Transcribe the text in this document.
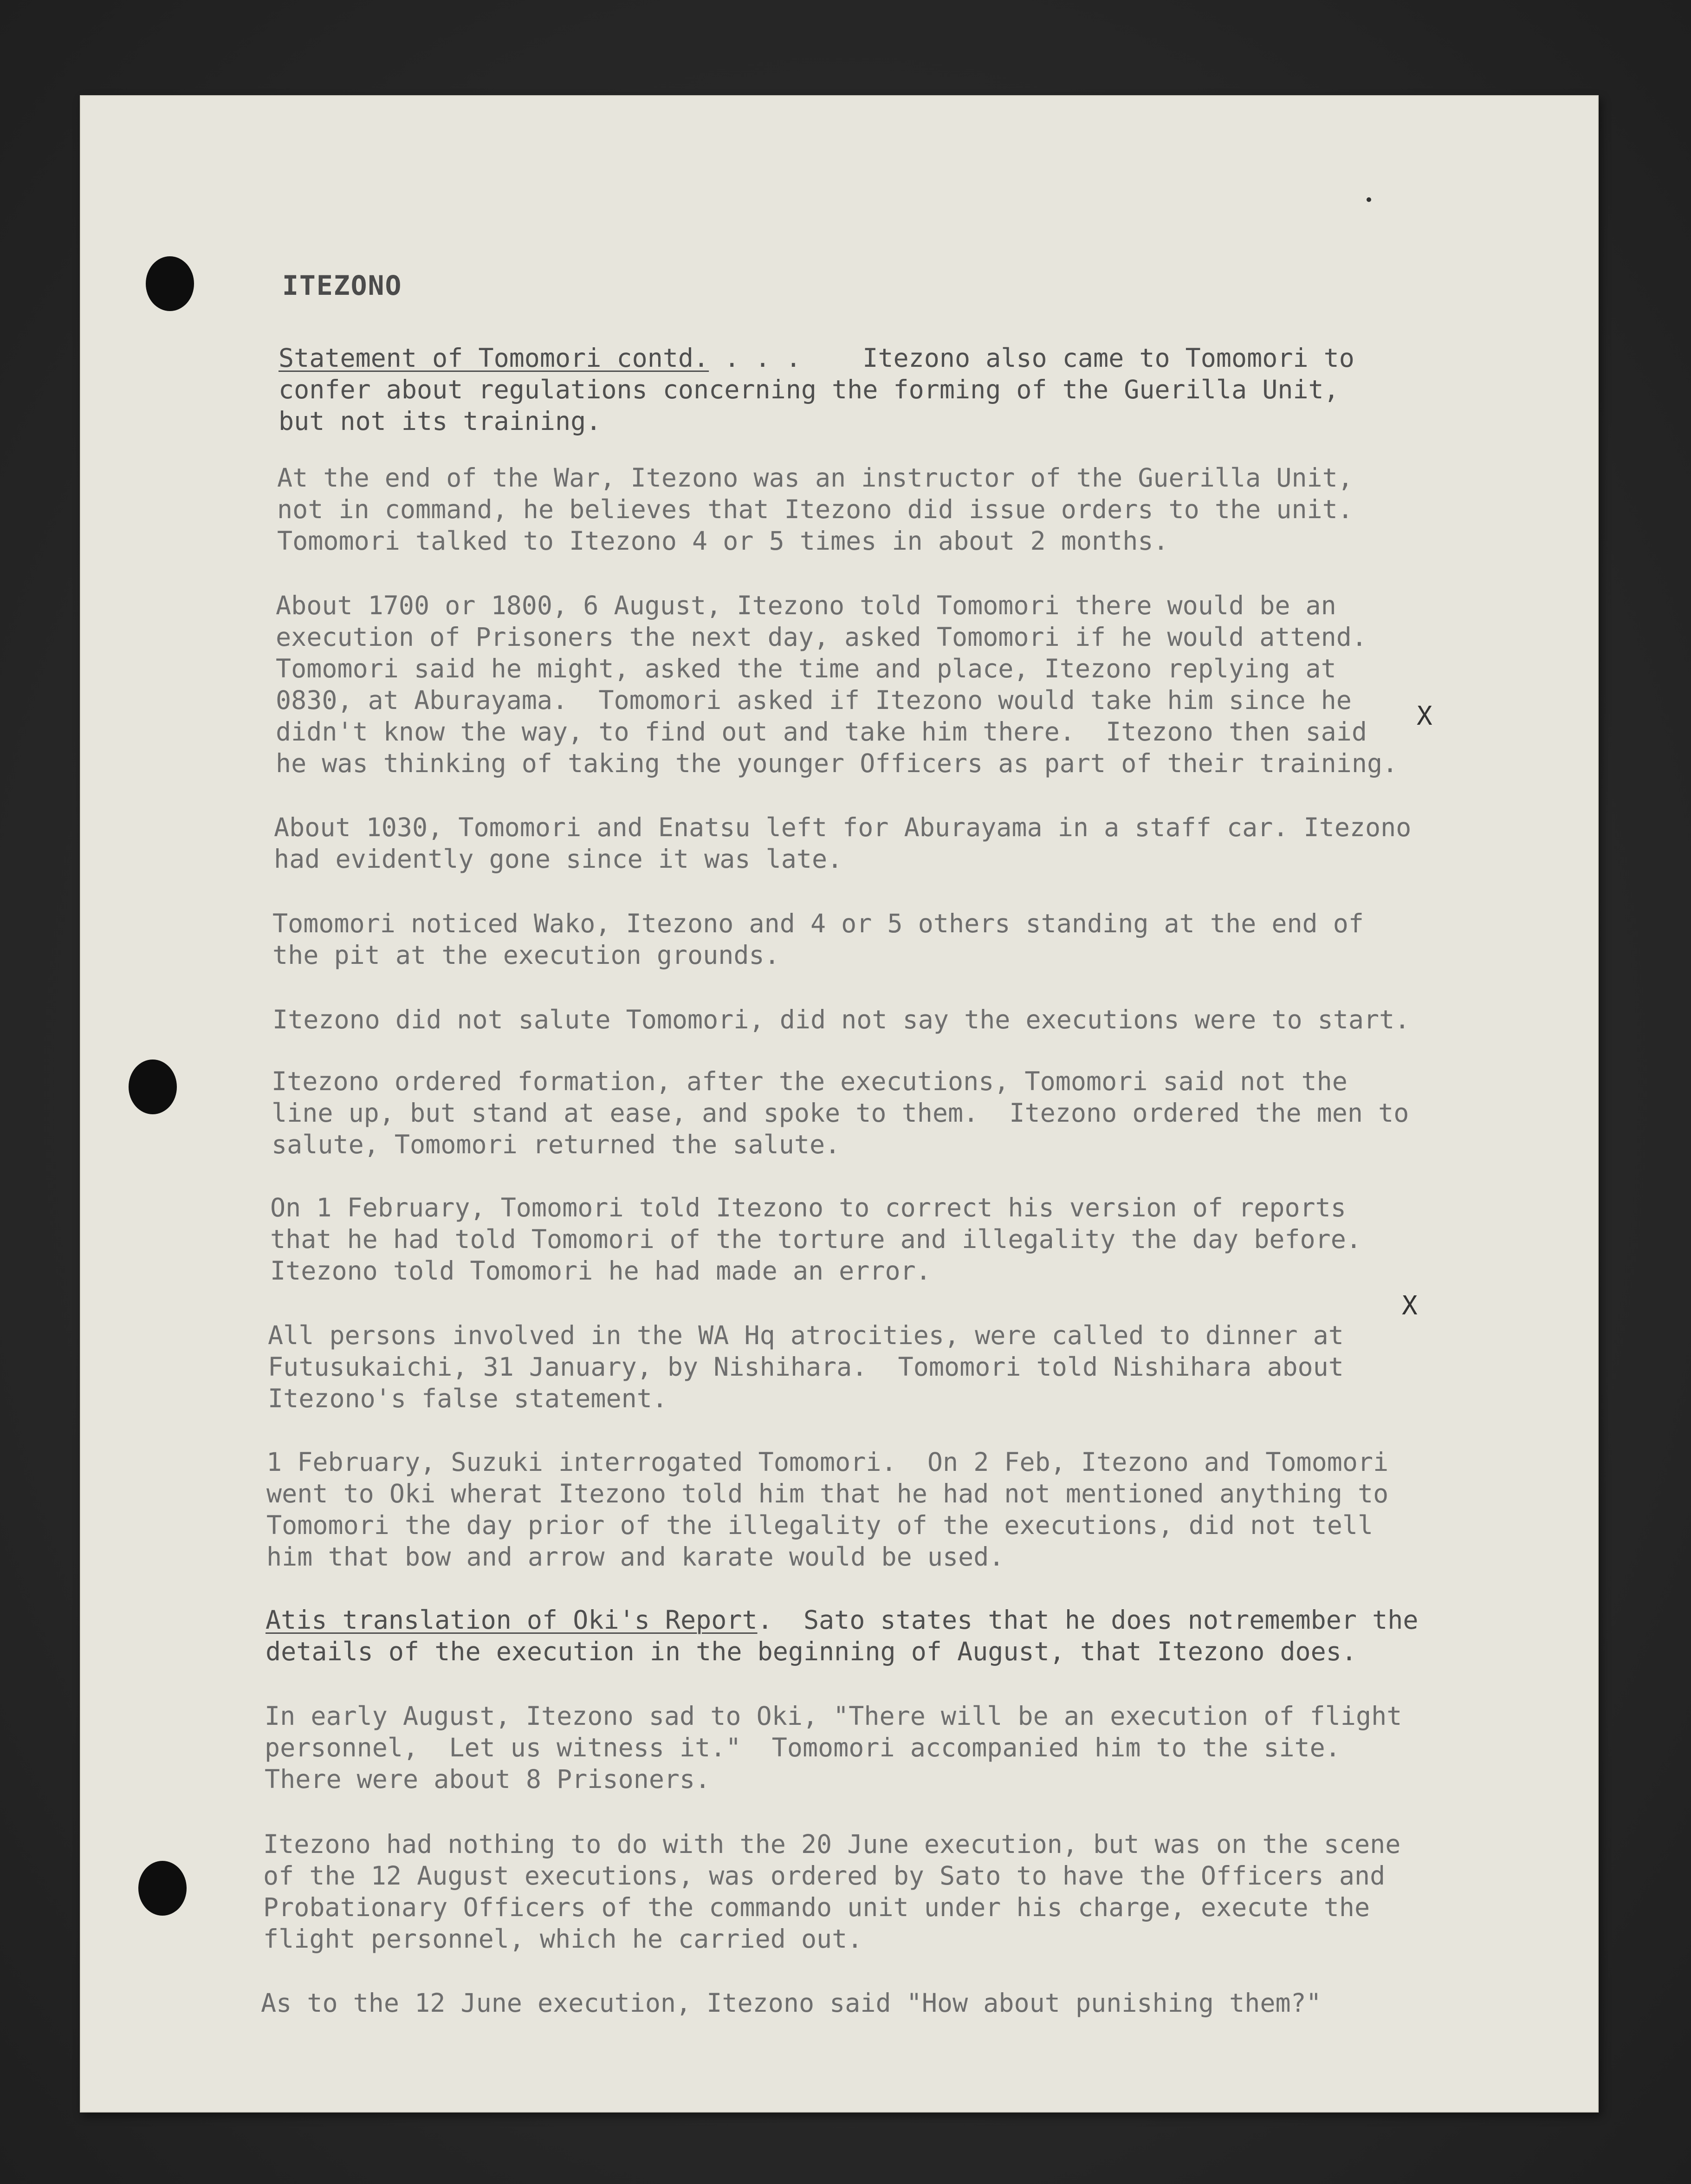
ITEZONO

Statement of Tomomori contd. . . .    Itezono also came to Tomomori to
confer about regulations concerning the forming of the Guerilla Unit,
but not its training.

At the end of the War, Itezono was an instructor of the Guerilla Unit,
not in command, he believes that Itezono did issue orders to the unit.
Tomomori talked to Itezono 4 or 5 times in about 2 months.

About 1700 or 1800, 6 August, Itezono told Tomomori there would be an
execution of Prisoners the next day, asked Tomomori if he would attend.
Tomomori said he might, asked the time and place, Itezono replying at
0830, at Aburayama.  Tomomori asked if Itezono would take him since he
didn't know the way, to find out and take him there.  Itezono then said
he was thinking of taking the younger Officers as part of their training.

About 1030, Tomomori and Enatsu left for Aburayama in a staff car. Itezono
had evidently gone since it was late.

Tomomori noticed Wako, Itezono and 4 or 5 others standing at the end of
the pit at the execution grounds.

Itezono did not salute Tomomori, did not say the executions were to start.

Itezono ordered formation, after the executions, Tomomori said not the
line up, but stand at ease, and spoke to them.  Itezono ordered the men to
salute, Tomomori returned the salute.

On 1 February, Tomomori told Itezono to correct his version of reports
that he had told Tomomori of the torture and illegality the day before.
Itezono told Tomomori he had made an error.

All persons involved in the WA Hq atrocities, were called to dinner at
Futusukaichi, 31 January, by Nishihara.  Tomomori told Nishihara about
Itezono's false statement.

1 February, Suzuki interrogated Tomomori.  On 2 Feb, Itezono and Tomomori
went to Oki wherat Itezono told him that he had not mentioned anything to
Tomomori the day prior of the illegality of the executions, did not tell
him that bow and arrow and karate would be used.

Atis translation of Oki's Report.  Sato states that he does notremember the
details of the execution in the beginning of August, that Itezono does.

In early August, Itezono sad to Oki, "There will be an execution of flight
personnel,  Let us witness it."  Tomomori accompanied him to the site.
There were about 8 Prisoners.

Itezono had nothing to do with the 20 June execution, but was on the scene
of the 12 August executions, was ordered by Sato to have the Officers and
Probationary Officers of the commando unit under his charge, execute the
flight personnel, which he carried out.

As to the 12 June execution, Itezono said "How about punishing them?"

X
X
